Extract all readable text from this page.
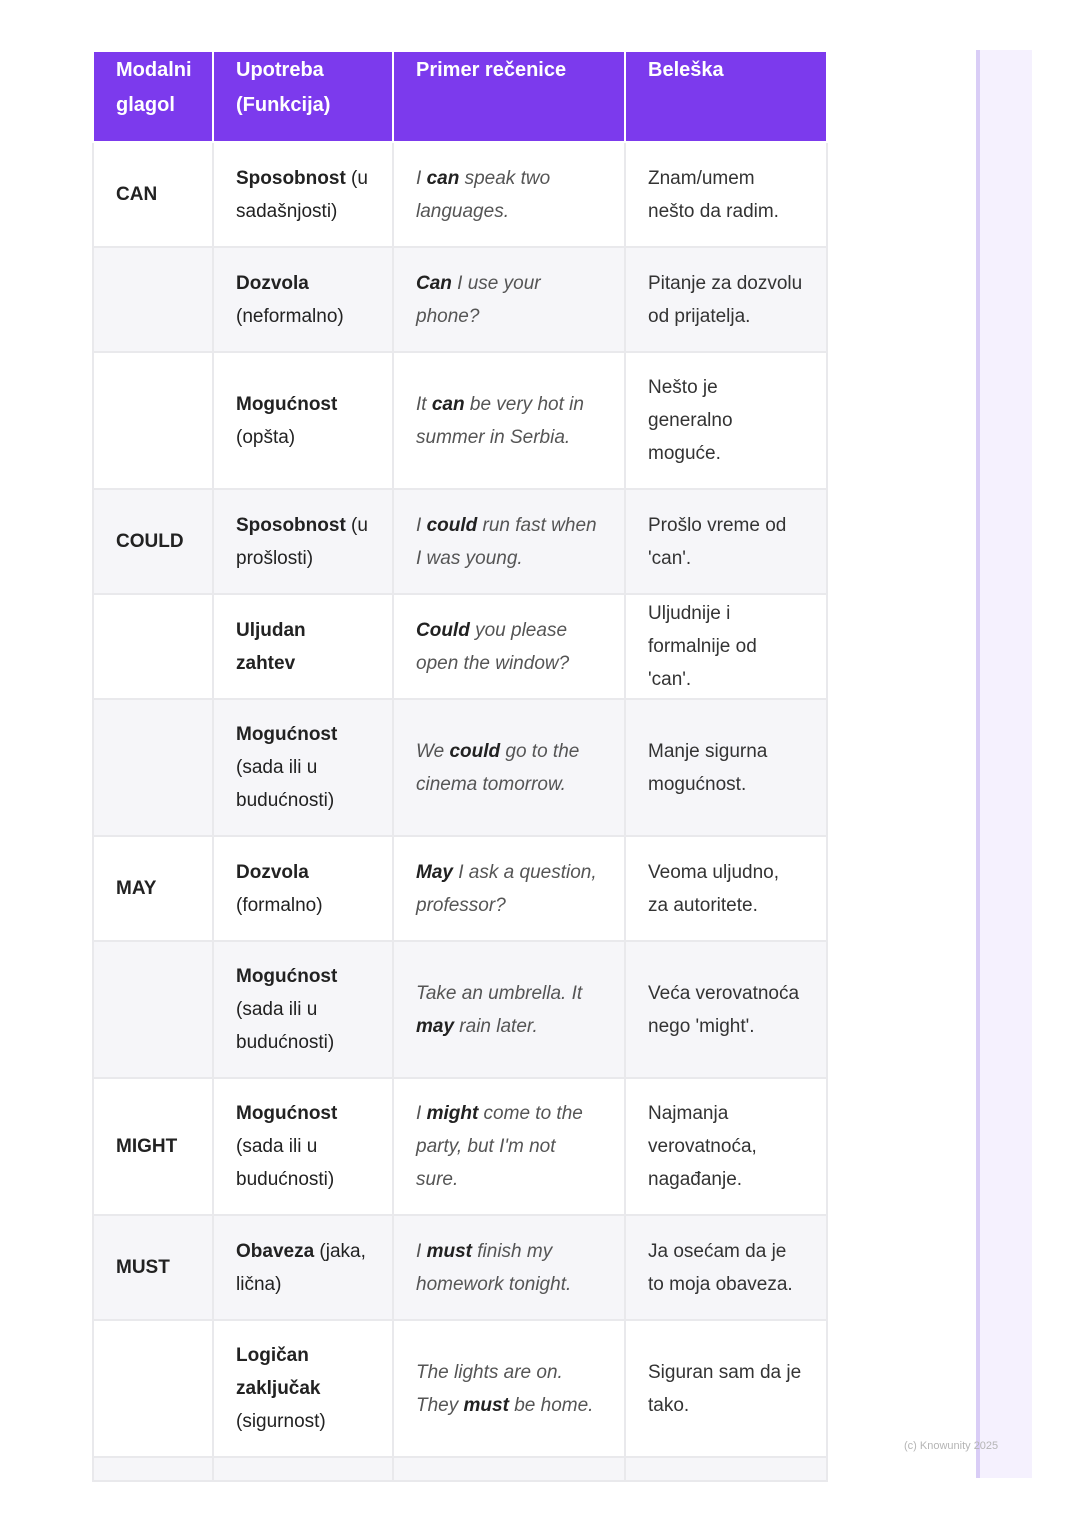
Modalni glagol	Upotreba (Funkcija)	Primer rečenice	Beleška
CAN	Sposobnost (u sadašnjosti)	I can speak two languages.	Znam/umem nešto da radim.
	Dozvola (neformalno)	Can I use your phone?	Pitanje za dozvolu od prijatelja.
	Mogućnost (opšta)	It can be very hot in summer in Serbia.	Nešto je generalno moguće.
COULD	Sposobnost (u prošlosti)	I could run fast when I was young.	Prošlo vreme od 'can'.
	Uljudan zahtev	Could you please open the window?	Uljudnije i formalnije od 'can'.
	Mogućnost (sada ili u budućnosti)	We could go to the cinema tomorrow.	Manje sigurna mogućnost.
MAY	Dozvola (formalno)	May I ask a question, professor?	Veoma uljudno, za autoritete.
	Mogućnost (sada ili u budućnosti)	Take an umbrella. It may rain later.	Veća verovatnoća nego 'might'.
MIGHT	Mogućnost (sada ili u budućnosti)	I might come to the party, but I'm not sure.	Najmanja verovatnoća, nagađanje.
MUST	Obaveza (jaka, lična)	I must finish my homework tonight.	Ja osećam da je to moja obaveza.
	Logičan zaključak (sigurnost)	The lights are on. They must be home.	Siguran sam da je tako.

(c) Knowunity 2025
